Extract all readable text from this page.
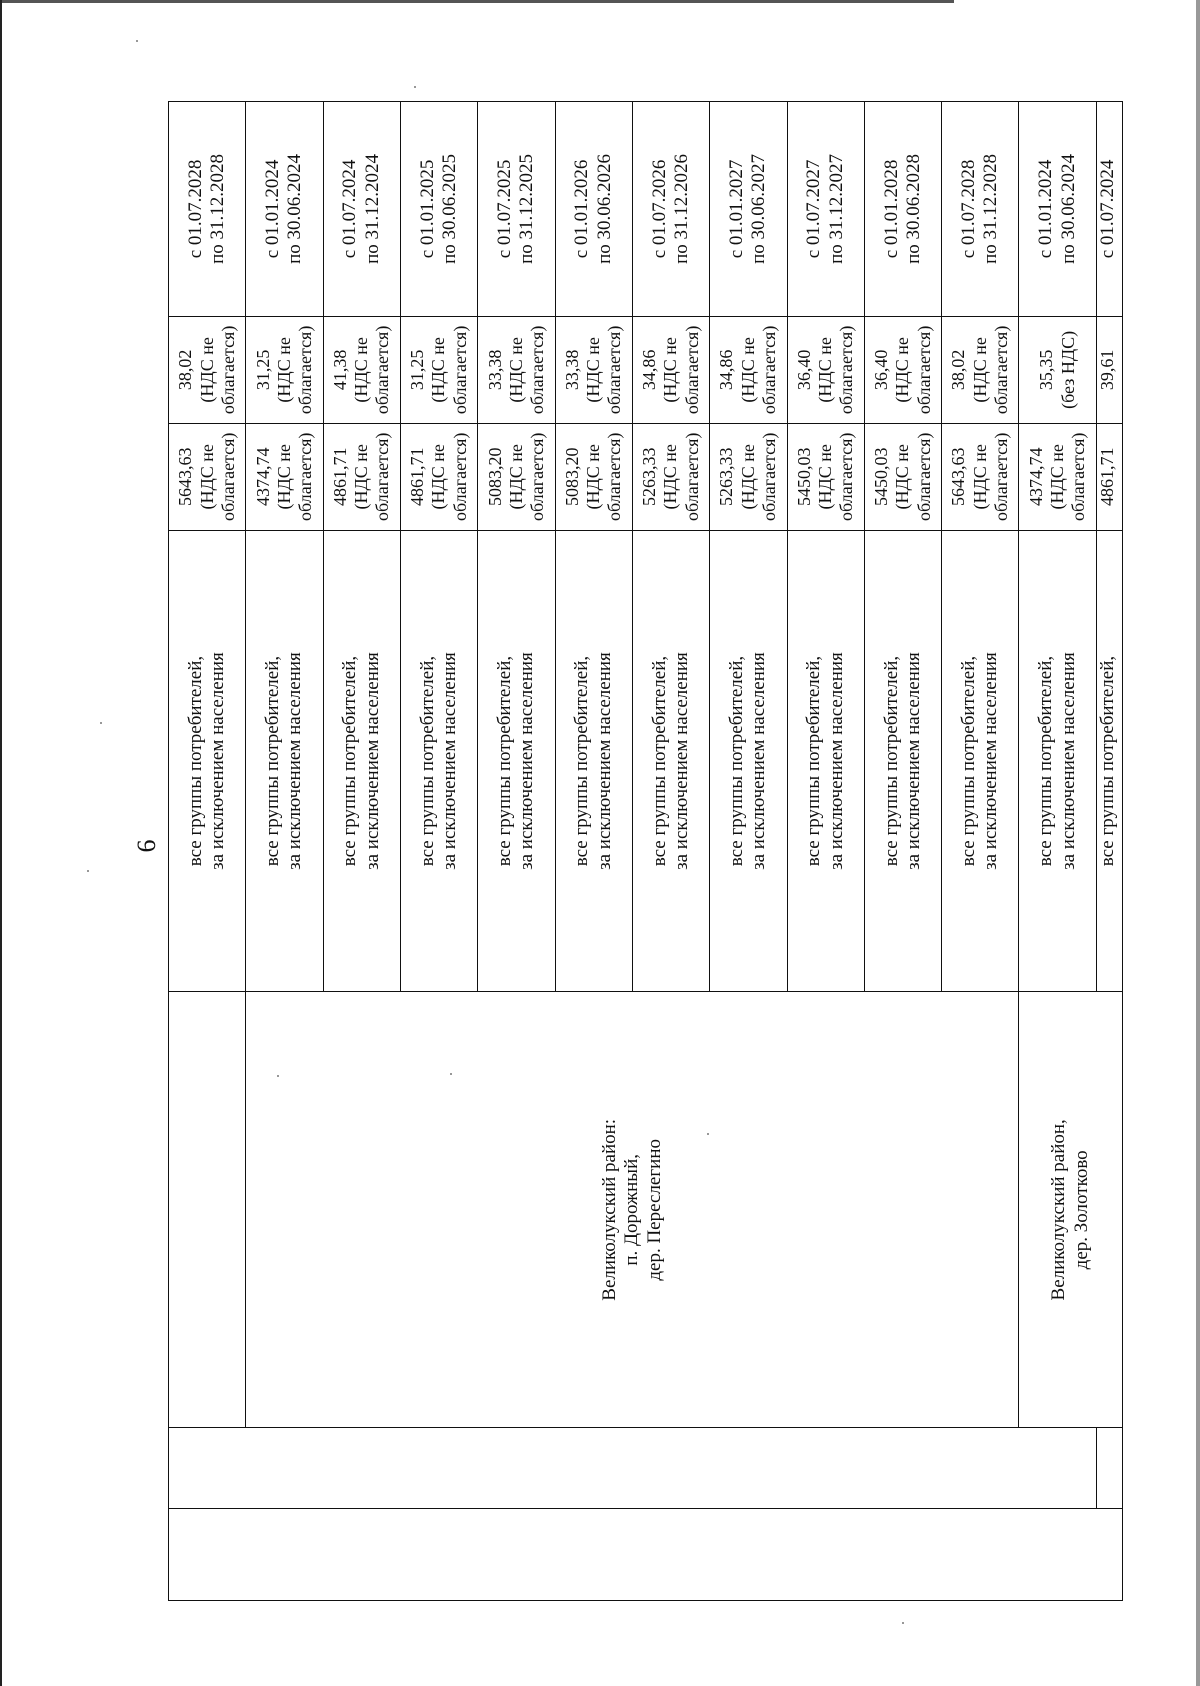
6
			все группы потребителей,
за исключением населения	5643,63
(НДС не
облагается)	38,02
(НДС не
облагается)	с 01.07.2028
по 31.12.2028
		Великолукский район:
п. Дорожный,
дер. Переслегино	все группы потребителей,
за исключением населения	4374,74
(НДС не
облагается)	31,25
(НДС не
облагается)	с 01.01.2024
по 30.06.2024
			все группы потребителей,
за исключением населения	4861,71
(НДС не
облагается)	41,38
(НДС не
облагается)	с 01.07.2024
по 31.12.2024
			все группы потребителей,
за исключением населения	4861,71
(НДС не
облагается)	31,25
(НДС не
облагается)	с 01.01.2025
по 30.06.2025
			все группы потребителей,
за исключением населения	5083,20
(НДС не
облагается)	33,38
(НДС не
облагается)	с 01.07.2025
по 31.12.2025
			все группы потребителей,
за исключением населения	5083,20
(НДС не
облагается)	33,38
(НДС не
облагается)	с 01.01.2026
по 30.06.2026
			все группы потребителей,
за исключением населения	5263,33
(НДС не
облагается)	34,86
(НДС не
облагается)	с 01.07.2026
по 31.12.2026
			все группы потребителей,
за исключением населения	5263,33
(НДС не
облагается)	34,86
(НДС не
облагается)	с 01.01.2027
по 30.06.2027
			все группы потребителей,
за исключением населения	5450,03
(НДС не
облагается)	36,40
(НДС не
облагается)	с 01.07.2027
по 31.12.2027
			все группы потребителей,
за исключением населения	5450,03
(НДС не
облагается)	36,40
(НДС не
облагается)	с 01.01.2028
по 30.06.2028
			все группы потребителей,
за исключением населения	5643,63
(НДС не
облагается)	38,02
(НДС не
облагается)	с 01.07.2028
по 31.12.2028
		Великолукский район,
дер. Золотково	все группы потребителей,
за исключением населения	4374,74
(НДС не
облагается)	35,35
(без НДС)	с 01.01.2024
по 30.06.2024
			все группы потребителей,	4861,71	39,61	с 01.07.2024
